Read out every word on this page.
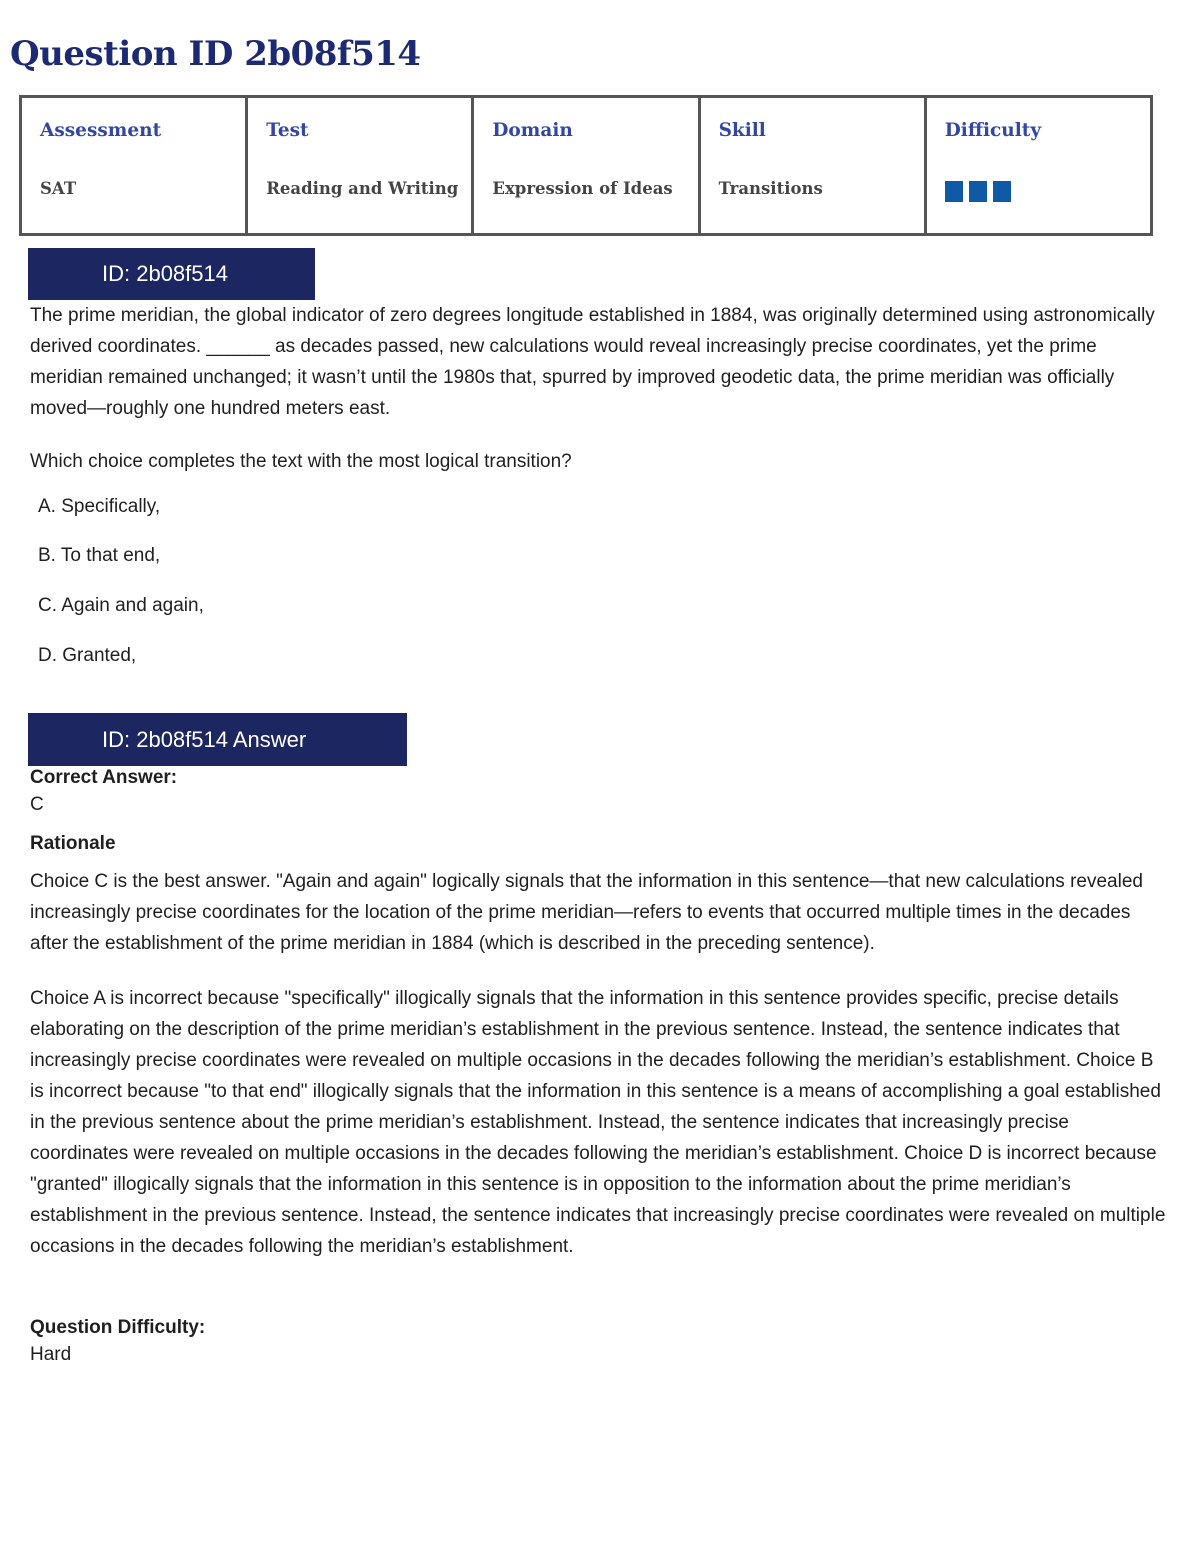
Question ID 2b08f514
Assessment
SAT

Test
Reading and Writing

Domain
Expression of Ideas

Skill
Transitions

Difficulty
ID: 2b08f514

The prime meridian, the global indicator of zero degrees longitude established in 1884, was originally determined using astronomically derived coordinates. ______ as decades passed, new calculations would reveal increasingly precise coordinates, yet the prime meridian remained unchanged; it wasn’t until the 1980s that, spurred by improved geodetic data, the prime meridian was officially moved—roughly one hundred meters east.

Which choice completes the text with the most logical transition?

A. Specifically,

B. To that end,

C. Again and again,

D. Granted,

ID: 2b08f514 Answer

Correct Answer:

C

Rationale

Choice C is the best answer. "Again and again" logically signals that the information in this sentence—that new calculations revealed increasingly precise coordinates for the location of the prime meridian—refers to events that occurred multiple times in the decades after the establishment of the prime meridian in 1884 (which is described in the preceding sentence).

Choice A is incorrect because "specifically" illogically signals that the information in this sentence provides specific, precise details elaborating on the description of the prime meridian’s establishment in the previous sentence. Instead, the sentence indicates that increasingly precise coordinates were revealed on multiple occasions in the decades following the meridian’s establishment. Choice B is incorrect because "to that end" illogically signals that the information in this sentence is a means of accomplishing a goal established in the previous sentence about the prime meridian’s establishment. Instead, the sentence indicates that increasingly precise coordinates were revealed on multiple occasions in the decades following the meridian’s establishment. Choice D is incorrect because "granted" illogically signals that the information in this sentence is in opposition to the information about the prime meridian’s establishment in the previous sentence. Instead, the sentence indicates that increasingly precise coordinates were revealed on multiple occasions in the decades following the meridian’s establishment.

Question Difficulty:

Hard
